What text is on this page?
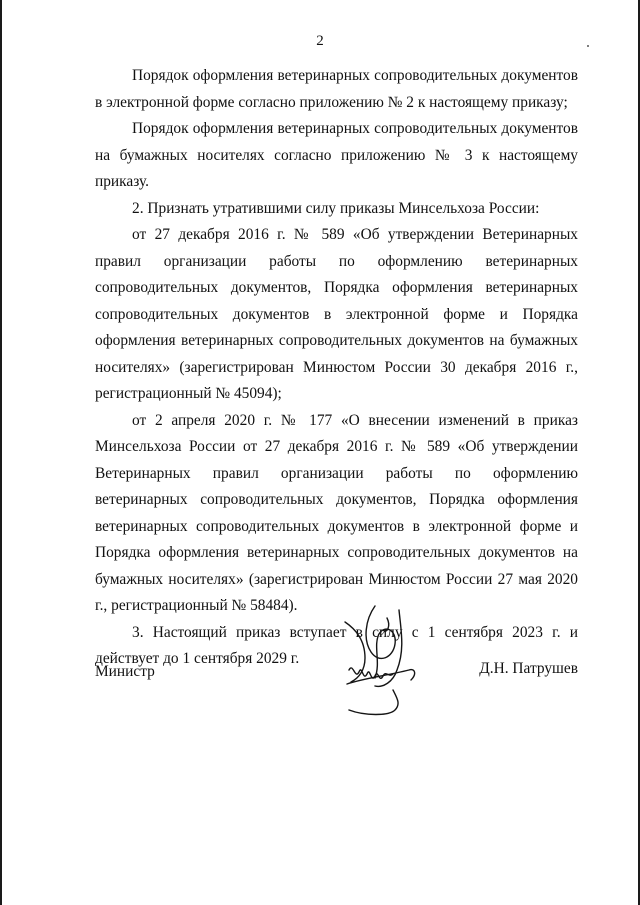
2

Порядок оформления ветеринарных сопроводительных документов в электронной форме согласно приложению № 2 к настоящему приказу;

Порядок оформления ветеринарных сопроводительных документов на бумажных носителях согласно приложению № 3 к настоящему приказу.

2. Признать утратившими силу приказы Минсельхоза России:

от 27 декабря 2016 г. № 589 «Об утверждении Ветеринарных правил организации работы по оформлению ветеринарных сопроводительных документов, Порядка оформления ветеринарных сопроводительных документов в электронной форме и Порядка оформления ветеринарных сопроводительных документов на бумажных носителях» (зарегистрирован Минюстом России 30 декабря 2016 г., регистрационный № 45094);

от 2 апреля 2020 г. № 177 «О внесении изменений в приказ Минсельхоза России от 27 декабря 2016 г. № 589 «Об утверждении Ветеринарных правил организации работы по оформлению ветеринарных сопроводительных документов, Порядка оформления ветеринарных сопроводительных документов в электронной форме и Порядка оформления ветеринарных сопроводительных документов на бумажных носителях» (зарегистрирован Минюстом России 27 мая 2020 г., регистрационный № 58484).

3. Настоящий приказ вступает в силу с 1 сентября 2023 г. и действует до 1 сентября 2029 г.

Министр	Д.Н. Патрушев
